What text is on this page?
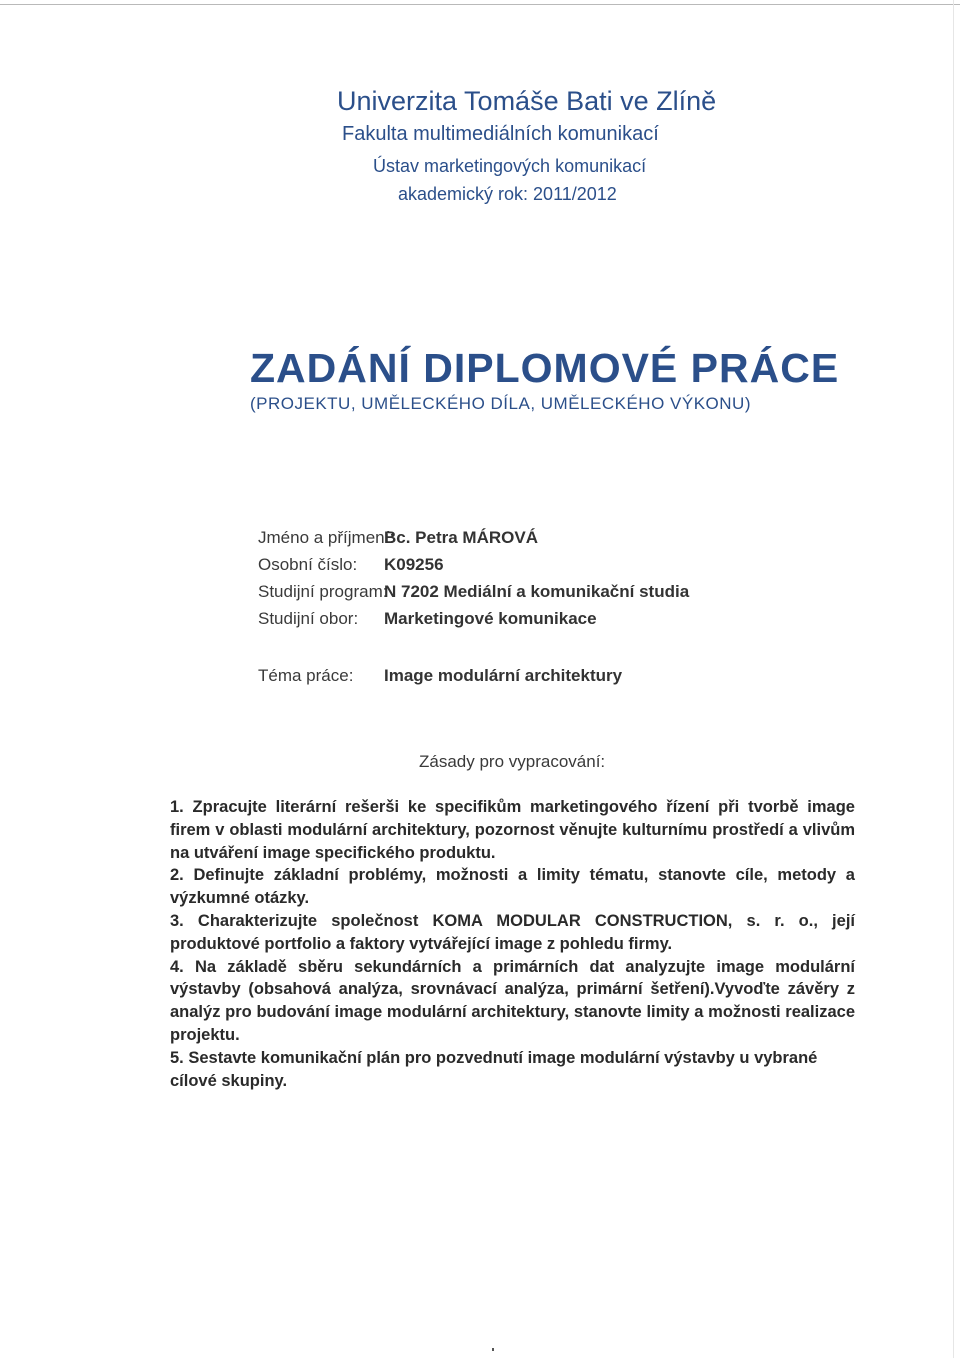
Univerzita Tomáše Bati ve Zlíně
Fakulta multimediálních komunikací
Ústav marketingových komunikací
akademický rok: 2011/2012
ZADÁNÍ DIPLOMOVÉ PRÁCE
(PROJEKTU, UMĚLECKÉHO DÍLA, UMĚLECKÉHO VÝKONU)
Jméno a příjmení:
Bc. Petra MÁROVÁ
Osobní číslo: K09256
Studijní program:
N 7202 Mediální a komunikační studia
Studijní obor: Marketingové komunikace
Téma práce: Image modulární architektury
Zásady pro vypracování:

1. Zpracujte literární rešerši ke specifikům marketingového řízení při tvorbě image firem v oblasti modulární architektury, pozornost věnujte kulturnímu prostředí a vlivům na utváření image specifického produktu.

2. Definujte základní problémy, možnosti a limity tématu, stanovte cíle, metody a výzkumné otázky.

3. Charakterizujte společnost KOMA MODULAR CONSTRUCTION, s. r. o., její produktové portfolio a faktory vytvářející image z pohledu firmy.

4. Na základě sběru sekundárních a primárních dat analyzujte image modulární výstavby (obsahová analýza, srovnávací analýza, primární šetření).Vyvoďte závěry z analýz pro budování image modulární architektury, stanovte limity a možnosti realizace projektu.

5. Sestavte komunikační plán pro pozvednutí image modulární výstavby u vybrané cílové skupiny.
